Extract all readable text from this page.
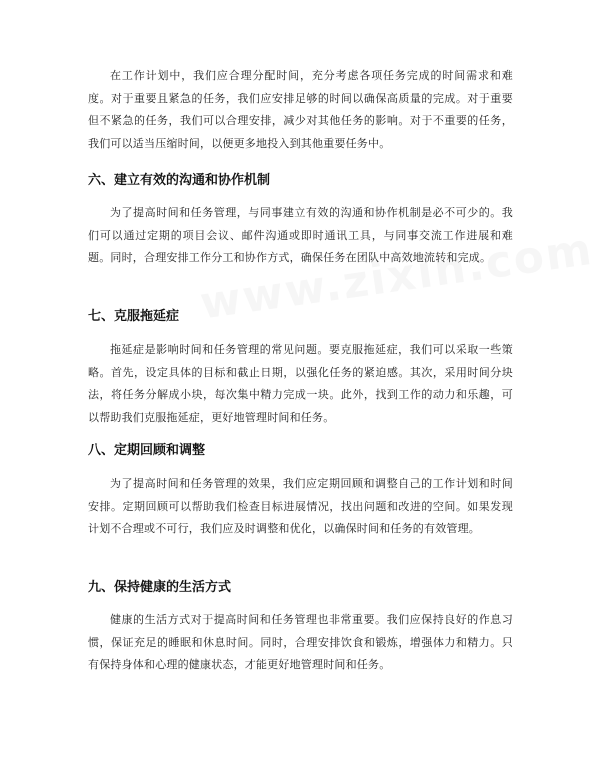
在工作计划中，我们应合理分配时间，充分考虑各项任务完成的时间需求和难度。对于重要且紧急的任务，我们应安排足够的时间以确保高质量的完成。对于重要但不紧急的任务，我们可以合理安排，减少对其他任务的影响。对于不重要的任务，我们可以适当压缩时间，以便更多地投入到其他重要任务中。

六、建立有效的沟通和协作机制

为了提高时间和任务管理，与同事建立有效的沟通和协作机制是必不可少的。我们可以通过定期的项目会议、邮件沟通或即时通讯工具，与同事交流工作进展和难题。同时，合理安排工作分工和协作方式，确保任务在团队中高效地流转和完成。

七、克服拖延症

拖延症是影响时间和任务管理的常见问题。要克服拖延症，我们可以采取一些策略。首先，设定具体的目标和截止日期，以强化任务的紧迫感。其次，采用时间分块法，将任务分解成小块，每次集中精力完成一块。此外，找到工作的动力和乐趣，可以帮助我们克服拖延症，更好地管理时间和任务。

八、定期回顾和调整

为了提高时间和任务管理的效果，我们应定期回顾和调整自己的工作计划和时间安排。定期回顾可以帮助我们检查目标进展情况，找出问题和改进的空间。如果发现计划不合理或不可行，我们应及时调整和优化，以确保时间和任务的有效管理。

九、保持健康的生活方式

健康的生活方式对于提高时间和任务管理也非常重要。我们应保持良好的作息习惯，保证充足的睡眠和休息时间。同时，合理安排饮食和锻炼，增强体力和精力。只有保持身体和心理的健康状态，才能更好地管理时间和任务。
